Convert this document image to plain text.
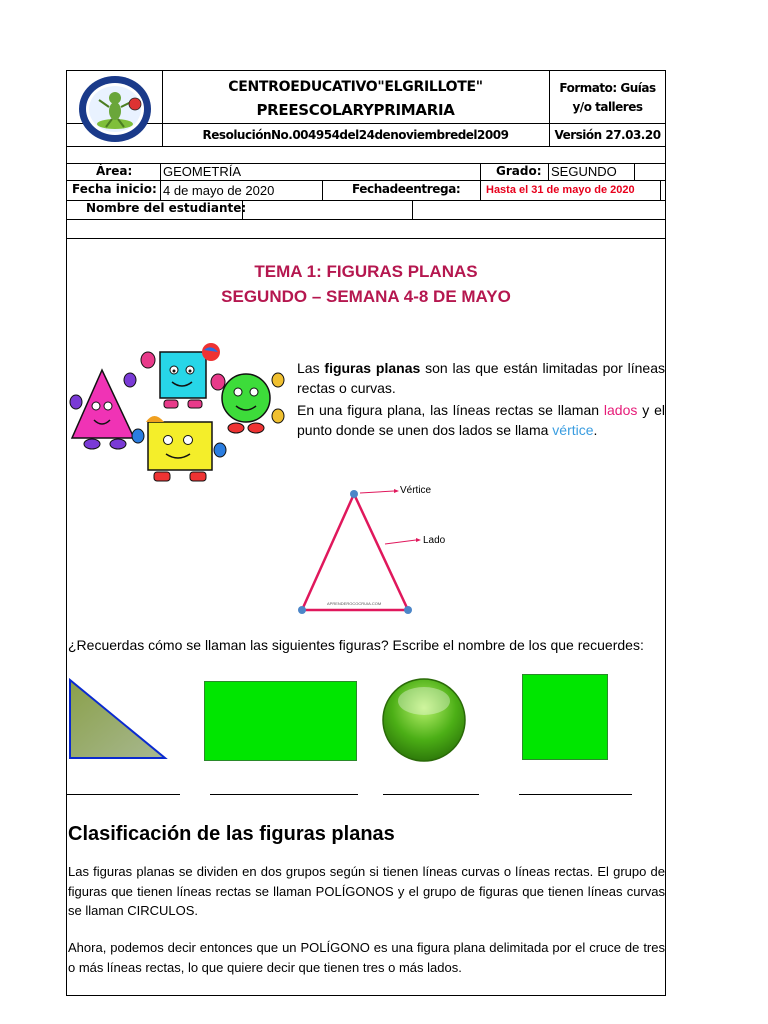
CENTROEDUCATIVO"ELGRILLOTE"
PREESCOLARYPRIMARIA
ResoluciónNo.004954del24denoviembredel2009
Formato: Guías
y/o talleres
Versión 27.03.20
Área: GEOMETRÍA	Grado: SEGUNDO
Fecha inicio: 4 de mayo de 2020	Fechadeentrega: Hasta el 31 de mayo de 2020
Nombre del estudiante:
TEMA 1: FIGURAS PLANAS
SEGUNDO – SEMANA 4-8 DE MAYO
Las figuras planas son las que están limitadas por líneas rectas o curvas.
En una figura plana, las líneas rectas se llaman lados y el punto donde se unen dos lados se llama vértice.
Vértice
Lado
APRENDEROCOCRUIA.COM
¿Recuerdas cómo se llaman las siguientes figuras? Escribe el nombre de los que recuerdes:
Clasificación de las figuras planas
Las figuras planas se dividen en dos grupos según si tienen líneas curvas o líneas rectas. El grupo de figuras que tienen líneas rectas se llaman POLÍGONOS y el grupo de figuras que tienen líneas curvas se llaman CIRCULOS.
Ahora, podemos decir entonces que un POLÍGONO es una figura plana delimitada por el cruce de tres o más líneas rectas, lo que quiere decir que tienen tres o más lados.
